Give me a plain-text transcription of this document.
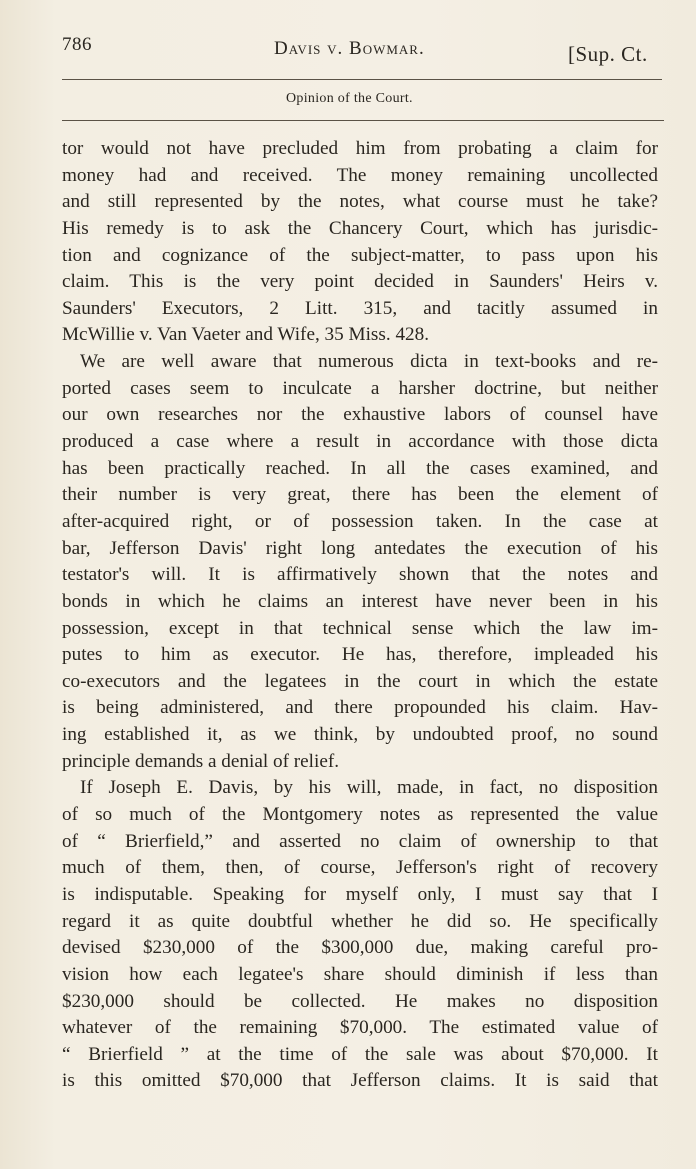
786	Davis v. Bowmar.	[Sup. Ct.
Opinion of the Court.
tor would not have precluded him from probating a claim for
money had and received. The money remaining uncollected
and still represented by the notes, what course must he take?
His remedy is to ask the Chancery Court, which has jurisdic-
tion and cognizance of the subject-matter, to pass upon his
claim. This is the very point decided in Saunders' Heirs v.
Saunders' Executors, 2 Litt. 315, and tacitly assumed in
McWillie v. Van Vaeter and Wife, 35 Miss. 428.
We are well aware that numerous dicta in text-books and re-
ported cases seem to inculcate a harsher doctrine, but neither
our own researches nor the exhaustive labors of counsel have
produced a case where a result in accordance with those dicta
has been practically reached. In all the cases examined, and
their number is very great, there has been the element of
after-acquired right, or of possession taken. In the case at
bar, Jefferson Davis' right long antedates the execution of his
testator's will. It is affirmatively shown that the notes and
bonds in which he claims an interest have never been in his
possession, except in that technical sense which the law im-
putes to him as executor. He has, therefore, impleaded his
co-executors and the legatees in the court in which the estate
is being administered, and there propounded his claim. Hav-
ing established it, as we think, by undoubted proof, no sound
principle demands a denial of relief.
If Joseph E. Davis, by his will, made, in fact, no disposition
of so much of the Montgomery notes as represented the value
of “ Brierfield,” and asserted no claim of ownership to that
much of them, then, of course, Jefferson's right of recovery
is indisputable. Speaking for myself only, I must say that I
regard it as quite doubtful whether he did so. He specifically
devised $230,000 of the $300,000 due, making careful pro-
vision how each legatee's share should diminish if less than
$230,000 should be collected. He makes no disposition
whatever of the remaining $70,000. The estimated value of
“ Brierfield ” at the time of the sale was about $70,000. It
is this omitted $70,000 that Jefferson claims. It is said that
